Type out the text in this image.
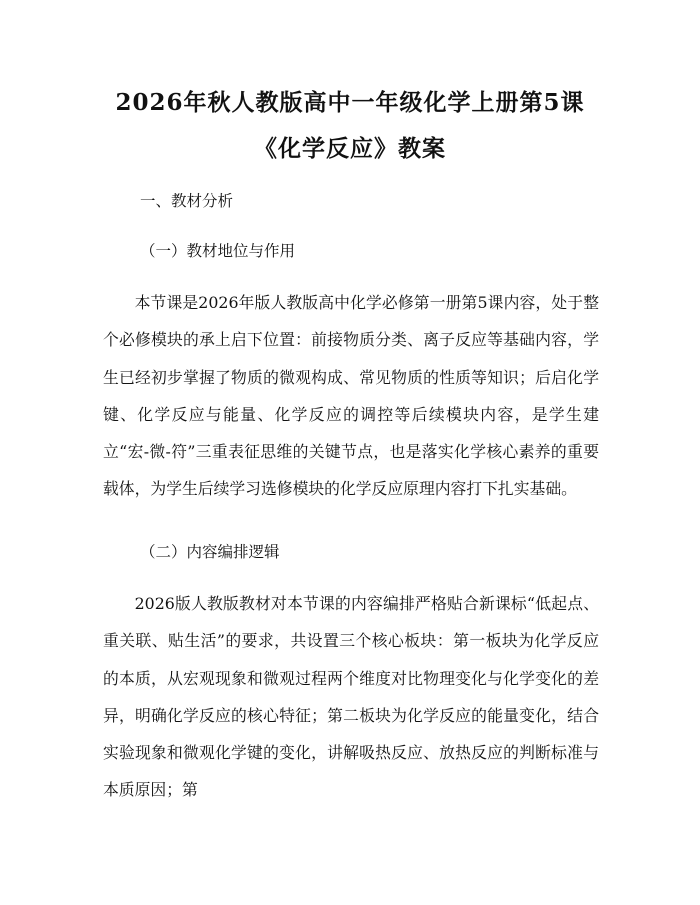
2026年秋人教版高中一年级化学上册第5课
《化学反应》教案
一、教材分析
（一）教材地位与作用

本节课是2026年版人教版高中化学必修第一册第5课内容，处于整个必修模块的承上启下位置：前接物质分类、离子反应等基础内容，学生已经初步掌握了物质的微观构成、常见物质的性质等知识；后启化学键、化学反应与能量、化学反应的调控等后续模块内容，是学生建立“宏-微-符”三重表征思维的关键节点，也是落实化学核心素养的重要载体，为学生后续学习选修模块的化学反应原理内容打下扎实基础。

（二）内容编排逻辑

2026版人教版教材对本节课的内容编排严格贴合新课标“低起点、重关联、贴生活”的要求，共设置三个核心板块：第一板块为化学反应的本质，从宏观现象和微观过程两个维度对比物理变化与化学变化的差异，明确化学反应的核心特征；第二板块为化学反应的能量变化，结合实验现象和微观化学键的变化，讲解吸热反应、放热反应的判断标准与本质原因；第
